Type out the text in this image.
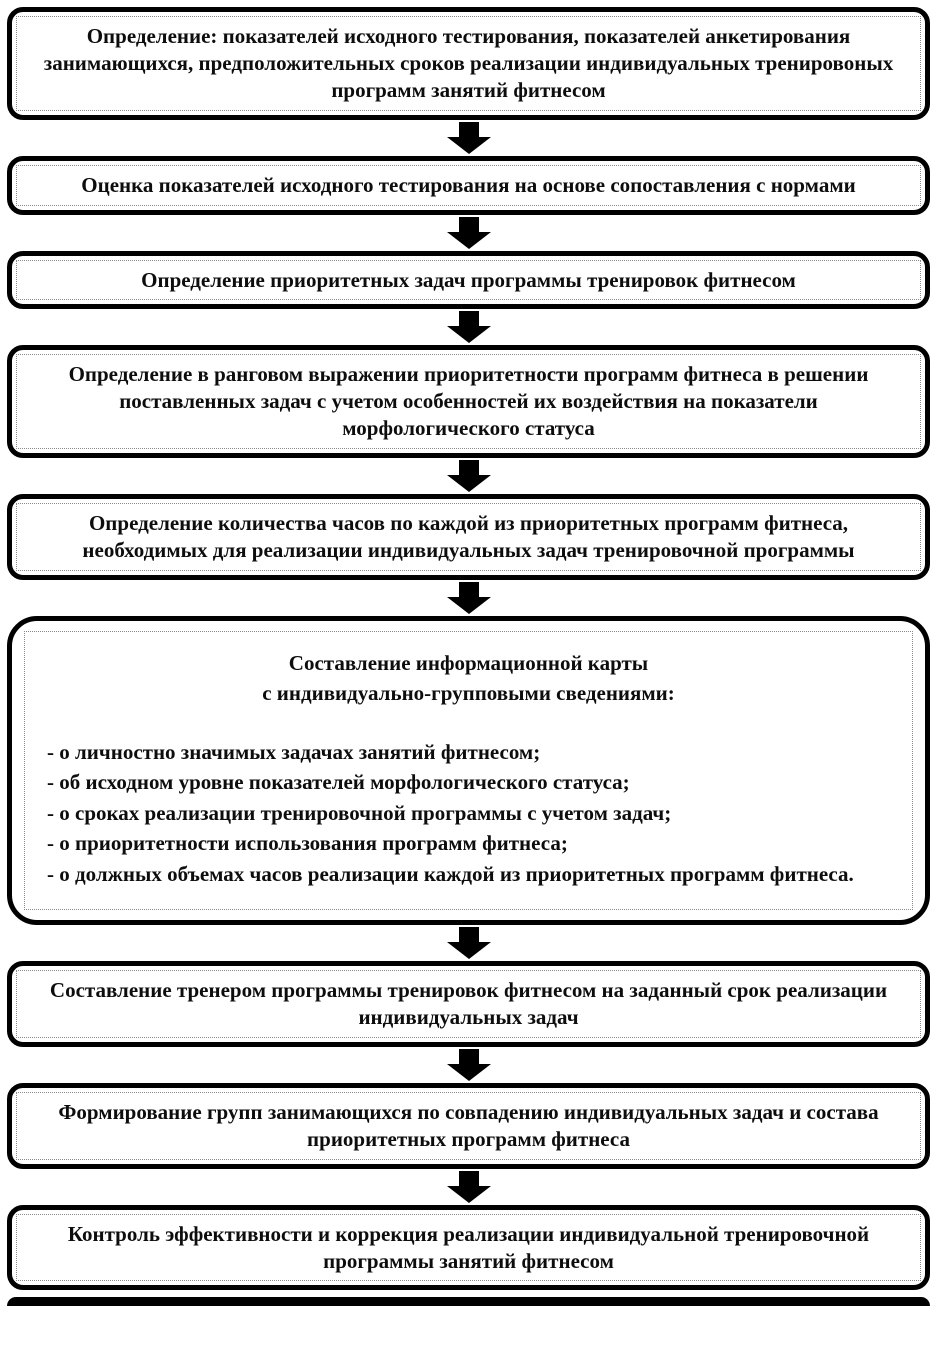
Определение: показателей исходного тестирования, показателей анкетирования занимающихся, предположительных сроков реализации индивидуальных тренировоных программ занятий фитнесом
Оценка показателей исходного тестирования на основе сопоставления с нормами
Определение приоритетных задач программы тренировок фитнесом
Определение в ранговом выражении приоритетности программ фитнеса в решении поставленных задач с учетом особенностей их воздействия на показатели морфологического статуса
Определение количества часов по каждой из приоритетных программ фитнеса, необходимых для реализации индивидуальных задач тренировочной программы
Составление информационной карты
с индивидуально-групповыми сведениями:
- о личностно значимых задачах занятий фитнесом;
- об исходном уровне показателей морфологического статуса;
- о сроках реализации тренировочной программы с учетом задач;
- о приоритетности использования программ фитнеса;
- о должных объемах часов реализации каждой из приоритетных программ фитнеса.
Составление тренером программы тренировок фитнесом на заданный срок реализации индивидуальных задач
Формирование групп занимающихся по совпадению индивидуальных задач и состава приоритетных программ фитнеса
Контроль эффективности и коррекция реализации индивидуальной тренировочной программы занятий фитнесом
